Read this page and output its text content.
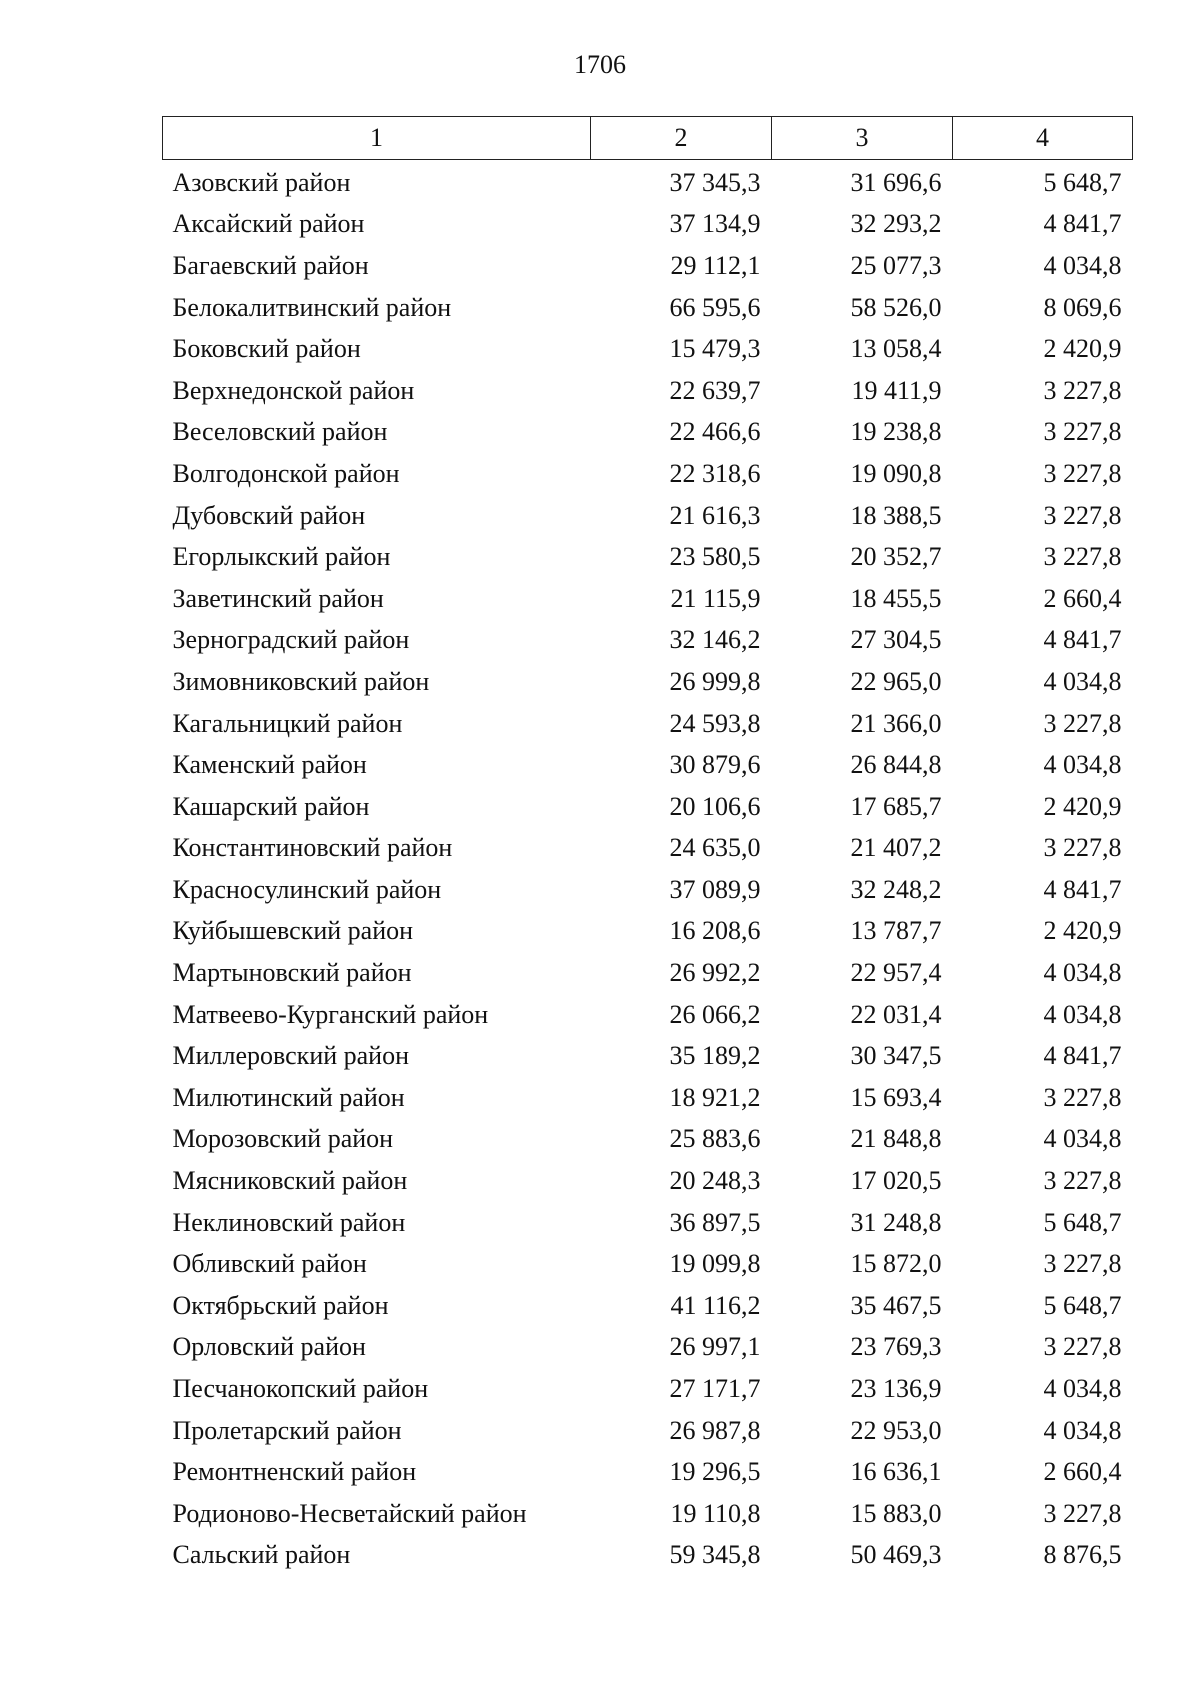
1706
1	2	3	4
Азовский район	37 345,3	31 696,6	5 648,7
Аксайский район	37 134,9	32 293,2	4 841,7
Багаевский район	29 112,1	25 077,3	4 034,8
Белокалитвинский район	66 595,6	58 526,0	8 069,6
Боковский район	15 479,3	13 058,4	2 420,9
Верхнедонской район	22 639,7	19 411,9	3 227,8
Веселовский район	22 466,6	19 238,8	3 227,8
Волгодонской район	22 318,6	19 090,8	3 227,8
Дубовский район	21 616,3	18 388,5	3 227,8
Егорлыкский район	23 580,5	20 352,7	3 227,8
Заветинский район	21 115,9	18 455,5	2 660,4
Зерноградский район	32 146,2	27 304,5	4 841,7
Зимовниковский район	26 999,8	22 965,0	4 034,8
Кагальницкий район	24 593,8	21 366,0	3 227,8
Каменский район	30 879,6	26 844,8	4 034,8
Кашарский район	20 106,6	17 685,7	2 420,9
Константиновский район	24 635,0	21 407,2	3 227,8
Красносулинский район	37 089,9	32 248,2	4 841,7
Куйбышевский район	16 208,6	13 787,7	2 420,9
Мартыновский район	26 992,2	22 957,4	4 034,8
Матвеево-Курганский район	26 066,2	22 031,4	4 034,8
Миллеровский район	35 189,2	30 347,5	4 841,7
Милютинский район	18 921,2	15 693,4	3 227,8
Морозовский район	25 883,6	21 848,8	4 034,8
Мясниковский район	20 248,3	17 020,5	3 227,8
Неклиновский район	36 897,5	31 248,8	5 648,7
Обливский район	19 099,8	15 872,0	3 227,8
Октябрьский район	41 116,2	35 467,5	5 648,7
Орловский район	26 997,1	23 769,3	3 227,8
Песчанокопский район	27 171,7	23 136,9	4 034,8
Пролетарский район	26 987,8	22 953,0	4 034,8
Ремонтненский район	19 296,5	16 636,1	2 660,4
Родионово-Несветайский район	19 110,8	15 883,0	3 227,8
Сальский район	59 345,8	50 469,3	8 876,5
